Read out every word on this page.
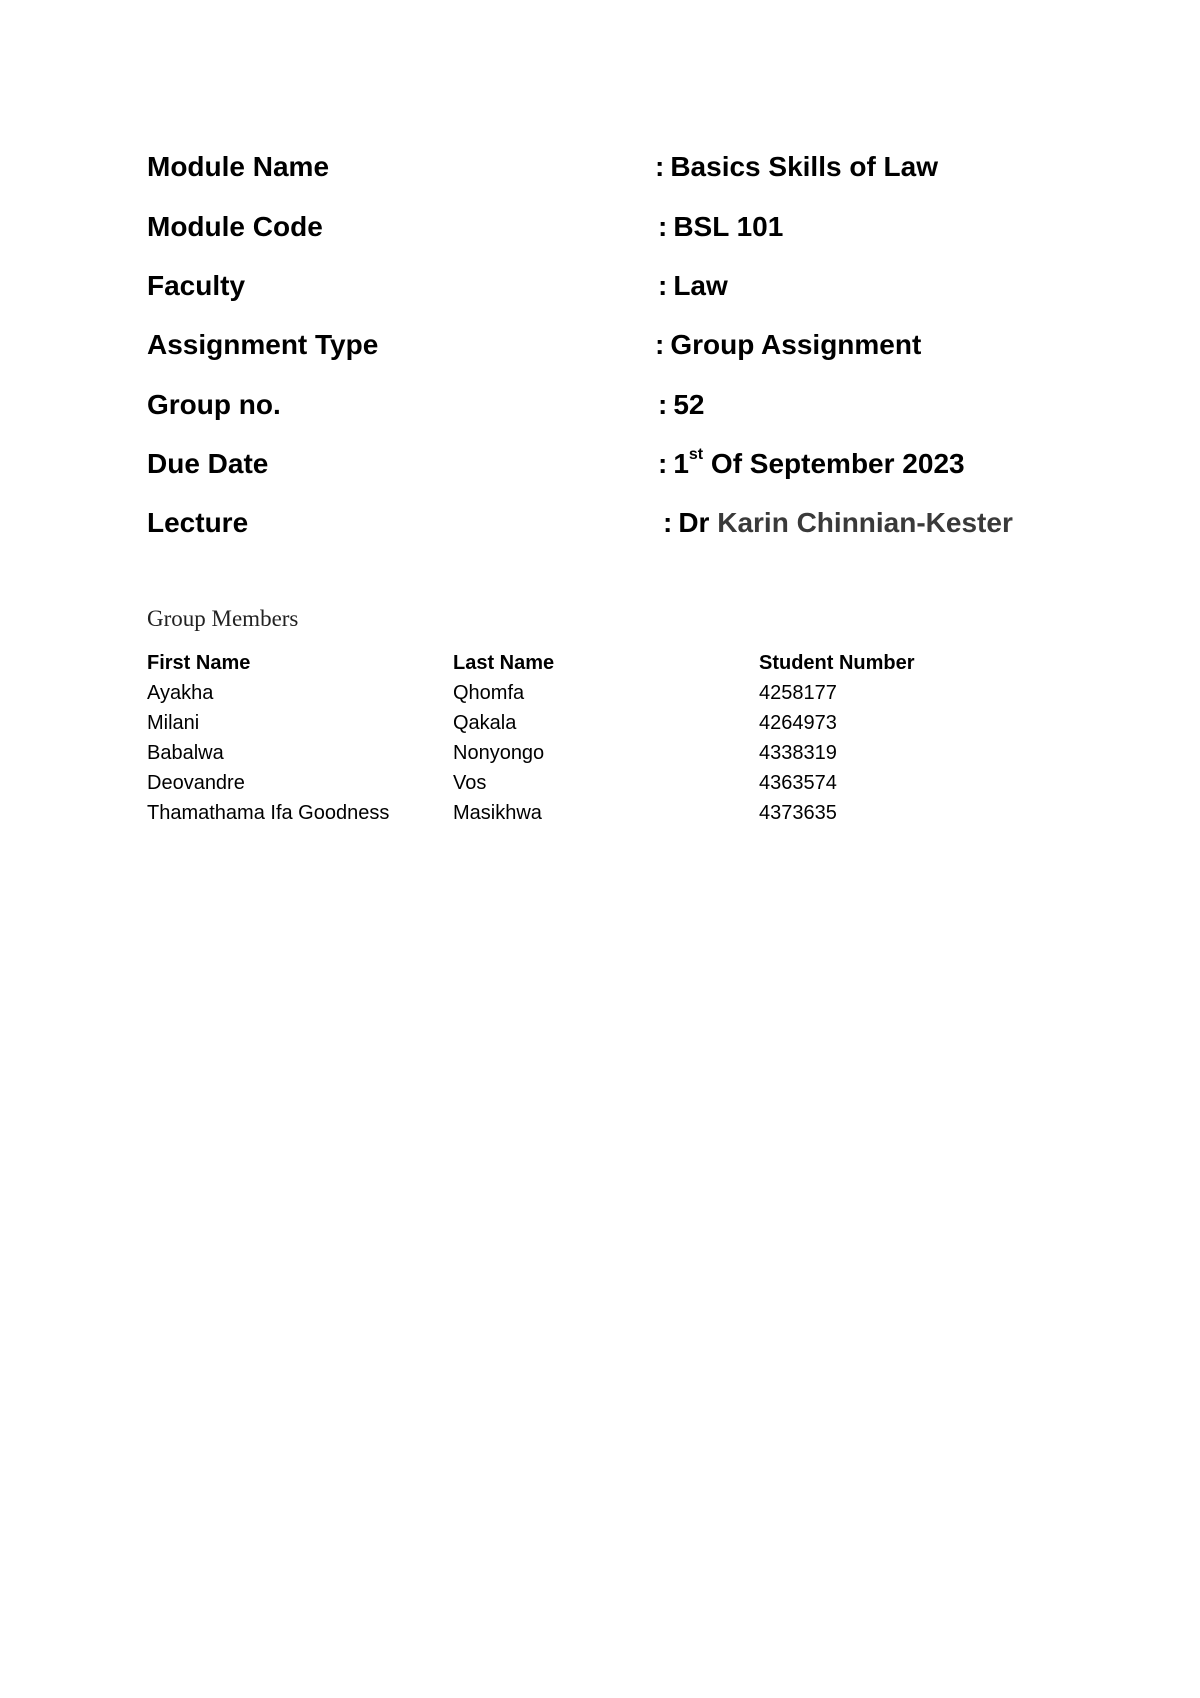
Module Name	: Basics Skills of Law
Module Code	: BSL 101
Faculty	: Law
Assignment Type	: Group Assignment
Group no.	: 52
Due Date	: 1st Of September 2023
Lecture	: Dr Karin Chinnian-Kester
Group Members
First Name	Last Name	Student Number
Ayakha	Qhomfa	4258177
Milani	Qakala	4264973
Babalwa	Nonyongo	4338319
Deovandre	Vos	4363574
Thamathama Ifa Goodness	Masikhwa	4373635
